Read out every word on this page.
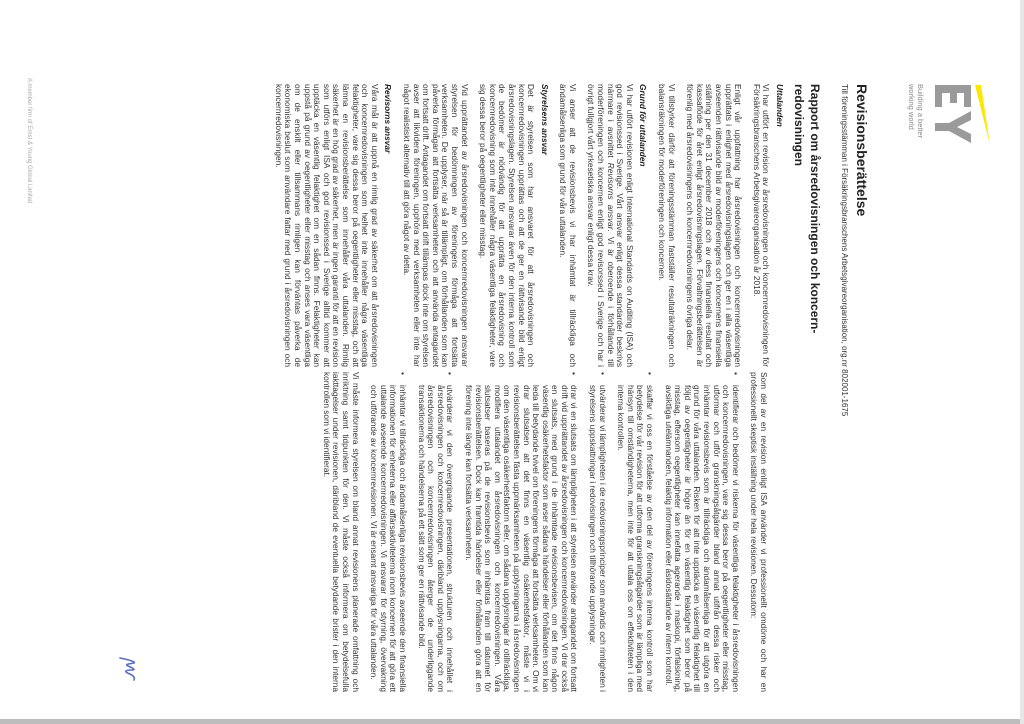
Building a better
working world
Revisionsberättelse
Till föreningsstämman i Försäkringsbranschens Arbetsgivareorganisation, org.nr 802001-1675
Rapport om årsredovisningen och koncern-redovisningen
Uttalanden

Vi har utfört en revision av årsredovisningen och koncernredovisningen för Försäkringsbranschens Arbetsgivareorganisation år 2018.

Enligt vår uppfattning har årsredovisningen och koncernredovisningen upprättats i enlighet med årsredovisningslagen och ger en i alla väsentliga avseenden rättvisande bild av moderföreningens och koncernens finansiella ställning per den 31 december 2018 och av dess finansiella resultat och kassaflöde för året enligt årsredovisningslagen. Förvaltningsberättelsen är förenlig med årsredovisningens och koncernredovisningens övriga delar.

Vi tillstyrker därför att föreningsstämman fastställer resultaträkningen och balansräkningen för moderföreningen och koncernen.

Grund för uttalanden

Vi har utfört revisionen enligt International Standards on Auditing (ISA) och god revisionssed i Sverige. Vårt ansvar enligt dessa standarder beskrivs närmare i avsnittet Revisorns ansvar. Vi är oberoende i förhållande till moderföreningen och koncernen enligt god revisorssed i Sverige och har i övrigt fullgjort vårt yrkesetiska ansvar enligt dessa krav.

Vi anser att de revisionsbevis vi har inhämtat är tillräckliga och ändamålsenliga som grund för våra uttalanden.

Styrelsens ansvar

Det är styrelsen som har ansvaret för att årsredovisningen och koncernredovisningen upprättas och att de ger en rättvisande bild enligt årsredovisningslagen. Styrelsen ansvarar även för den interna kontroll som de bedömer är nödvändig för att upprätta en årsredovisning och koncernredovisning som inte innehåller några väsentliga felaktigheter, vare sig dessa beror på oegentligheter eller misstag.

Vid upprättandet av årsredovisningen och koncernredovisningen ansvarar styrelsen för bedömningen av föreningens förmåga att fortsätta verksamheten. De upplyser, när så är tillämpligt, om förhållanden som kan påverka förmågan att fortsätta verksamheten och att använda antagandet om fortsatt drift. Antagandet om fortsatt drift tillämpas dock inte om styrelsen avser att likvidera föreningen, upphöra med verksamheten eller inte har något realistiskt alternativ till att göra något av detta.

Revisorns ansvar

Våra mål är att uppnå en rimlig grad av säkerhet om att årsredovisningen och koncernredovisningen som helhet inte innehåller några väsentliga felaktigheter, vare sig dessa beror på oegentligheter eller misstag, och att lämna en revisionsberättelse som innehåller våra uttalanden. Rimlig säkerhet är en hög grad av säkerhet, men är ingen garanti för att en revision som utförs enligt ISA och god revisionssed i Sverige alltid kommer att upptäcka en väsentlig felaktighet om en sådan finns. Felaktigheter kan uppstå på grund av oegentligheter eller misstag och anses vara väsentliga om de enskilt eller tillsammans rimligen kan förväntas påverka de ekonomiska beslut som användare fattar med grund i årsredovisningen och koncernredovisningen.

Som del av en revision enligt ISA använder vi professionellt omdöme och har en professionellt skeptisk inställning under hela revisionen. Dessutom:

•
identifierar och bedömer vi riskerna för väsentliga felaktigheter i årsredovisningen och koncernredovisningen, vare sig dessa beror på oegentligheter eller misstag, utformar och utför granskningsåtgärder bland annat utifrån dessa risker och inhämtar revisionsbevis som är tillräckliga och ändamålsenliga för att utgöra en grund för våra uttalanden. Risken för att inte upptäcka en väsentlig felaktighet till följd av oegentligheter är högre än för en väsentlig felaktighet som beror på misstag, eftersom oegentligheter kan innefatta agerande i maskopi, förfalskning, avsiktliga utelämnanden, felaktig information eller åsidosättande av intern kontroll.
•
skaffar vi oss en förståelse av den del av föreningens interna kontroll som har betydelse för vår revision för att utforma granskningsåtgärder som är lämpliga med hänsyn till omständigheterna, men inte för att uttala oss om effektiviteten i den interna kontrollen.
•
utvärderar vi lämpligheten i de redovisningsprinciper som används och rimligheten i styrelsens uppskattningar i redovisningen och tillhörande upplysningar.
•
drar vi en slutsats om lämpligheten i att styrelsen använder antagandet om fortsatt drift vid upprättandet av årsredovisningen och koncernredovisningen. Vi drar också en slutsats, med grund i de inhämtade revisionsbevisen, om det finns någon väsentlig osäkerhetsfaktor som avser sådana händelser eller förhållanden som kan leda till betydande tvivel om föreningens förmåga att fortsätta verksamheten. Om vi drar slutsatsen att det finns en väsentlig osäkerhetsfaktor, måste vi i revisionsberättelsen fästa uppmärksamheten på upplysningarna i årsredovisningen om den väsentliga osäkerhetsfaktorn eller, om sådana upplysningar är otillräckliga, modifiera uttalandet om årsredovisningen och koncernredovisningen. Våra slutsatser baseras på de revisionsbevis som inhämtas fram till datumet för revisionsberättelsen. Dock kan framtida händelser eller förhållanden göra att en förening inte längre kan fortsätta verksamheten.
•
utvärderar vi den övergripande presentationen, strukturen och innehållet i årsredovisningen och koncernredovisningen, däribland upplysningarna, och om årsredovisningen och koncernredovisningen återger de underliggande transaktionerna och händelserna på ett sätt som ger en rättvisande bild.
•
inhämtar vi tillräckliga och ändamålsenliga revisionsbevis avseende den finansiella informationen för enheterna eller affärsaktiviteterna inom koncernen för att göra ett uttalande avseende koncernredovisningen. Vi ansvarar för styrning, övervakning och utförande av koncernrevisionen. Vi är ensamt ansvariga för våra uttalanden.

Vi måste informera styrelsen om bland annat revisionens planerade omfattning och inriktning samt tidpunkten för den. Vi måste också informera om betydelsefulla iakttagelser under revisionen, däribland de eventuella betydande brister i den interna kontrollen som vi identifierat.

A member firm of Ernst & Young Global Limited
